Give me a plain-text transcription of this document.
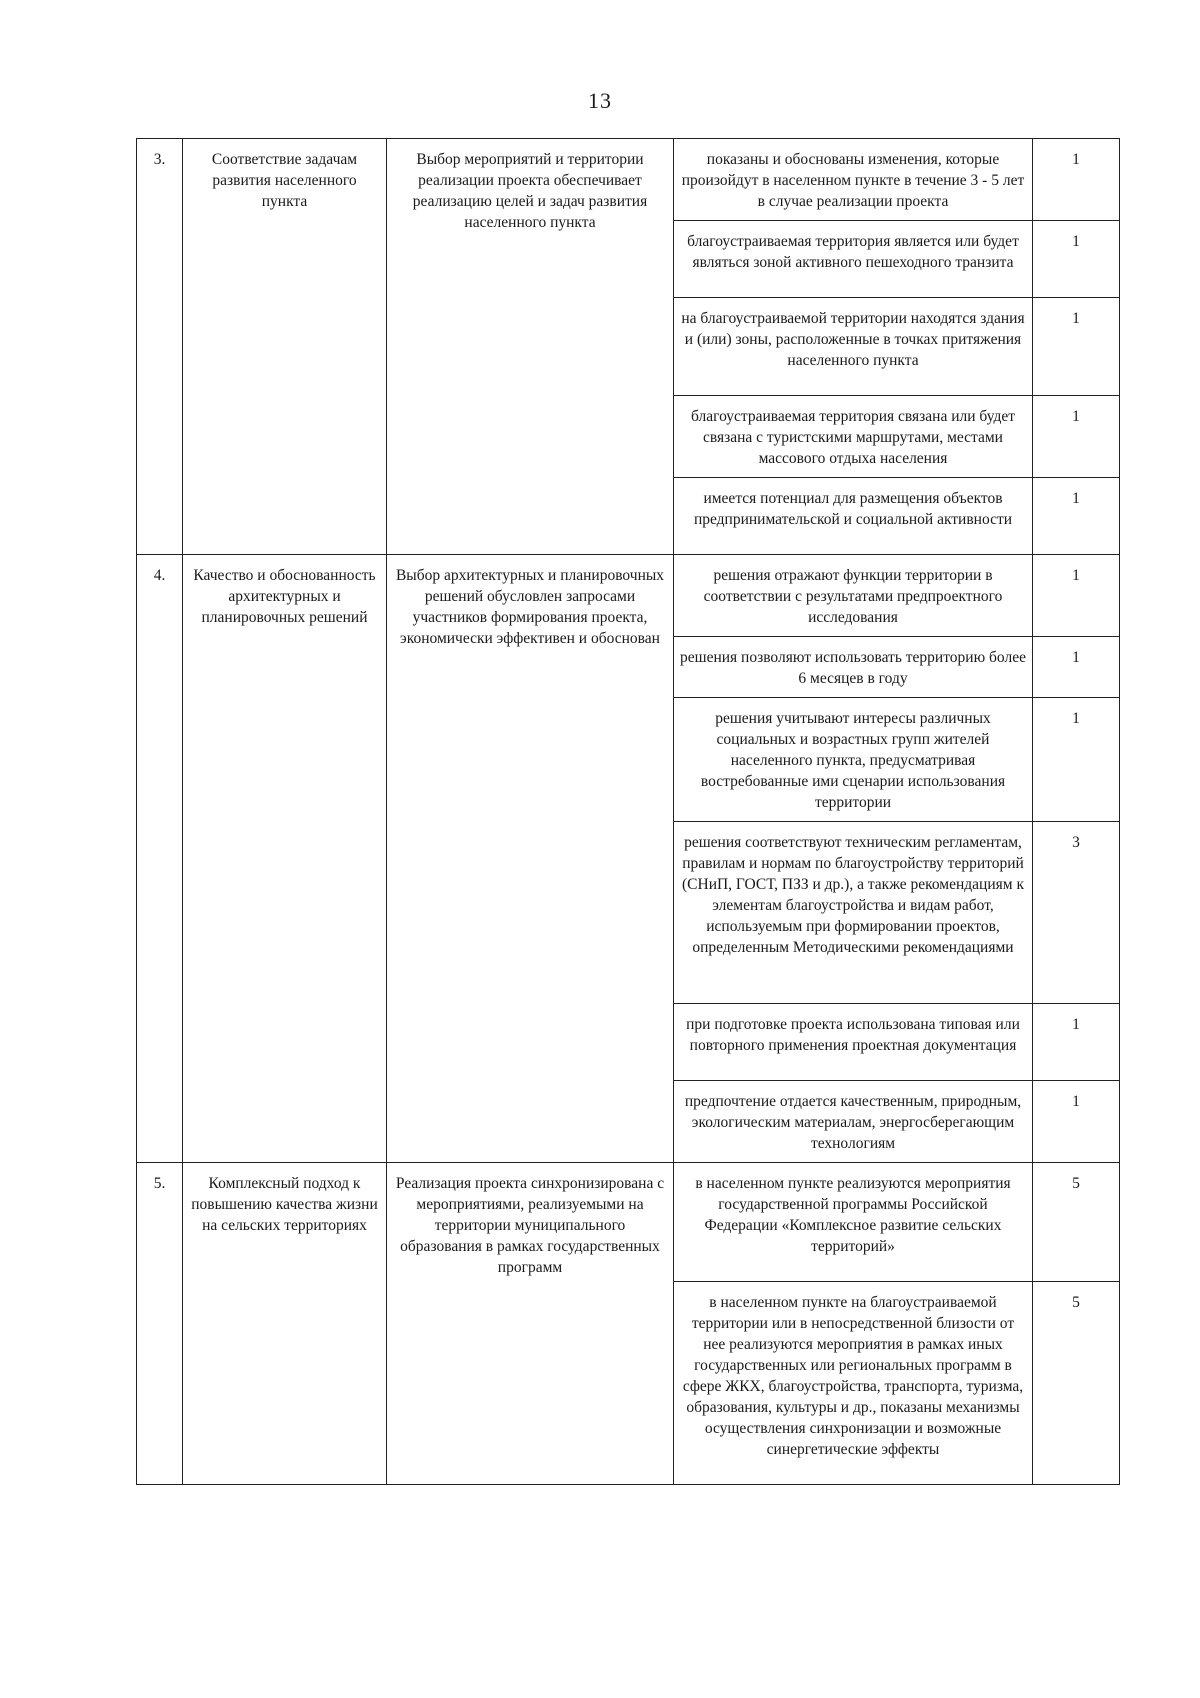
13
3.	Соответствие задачам развития населенного пункта	Выбор мероприятий и территории реализации проекта обеспечивает реализацию целей и задач развития населенного пункта	показаны и обоснованы изменения, которые произойдут в населенном пункте в течение 3 - 5 лет в случае реализации проекта	1
			благоустраиваемая территория является или будет являться зоной активного пешеходного транзита	1
			на благоустраиваемой территории находятся здания и (или) зоны, расположенные в точках притяжения населенного пункта	1
			благоустраиваемая территория связана или будет связана с туристскими маршрутами, местами массового отдыха населения	1
			имеется потенциал для размещения объектов предпринимательской и социальной активности	1
4.	Качество и обоснованность архитектурных и планировочных решений	Выбор архитектурных и планировочных решений обусловлен запросами участников формирования проекта, экономически эффективен и обоснован	решения отражают функции территории в соответствии с результатами предпроектного исследования	1
			решения позволяют использовать территорию более 6 месяцев в году	1
			решения учитывают интересы различных социальных и возрастных групп жителей населенного пункта, предусматривая востребованные ими сценарии использования территории	1
			решения соответствуют техническим регламентам, правилам и нормам по благоустройству территорий (СНиП, ГОСТ, ПЗЗ и др.), а также рекомендациям к элементам благоустройства и видам работ, используемым при формировании проектов, определенным Методическими рекомендациями	3
			при подготовке проекта использована типовая или повторного применения проектная документация	1
			предпочтение отдается качественным, природным, экологическим материалам, энергосберегающим технологиям	1
5.	Комплексный подход к повышению качества жизни на сельских территориях	Реализация проекта синхронизирована с мероприятиями, реализуемыми на территории муниципального образования в рамках государственных программ	в населенном пункте реализуются мероприятия государственной программы Российской Федерации «Комплексное развитие сельских территорий»	5
			в населенном пункте на благоустраиваемой территории или в непосредственной близости от нее реализуются мероприятия в рамках иных государственных или региональных программ в сфере ЖКХ, благоустройства, транспорта, туризма, образования, культуры и др., показаны механизмы осуществления синхронизации и возможные синергетические эффекты	5
